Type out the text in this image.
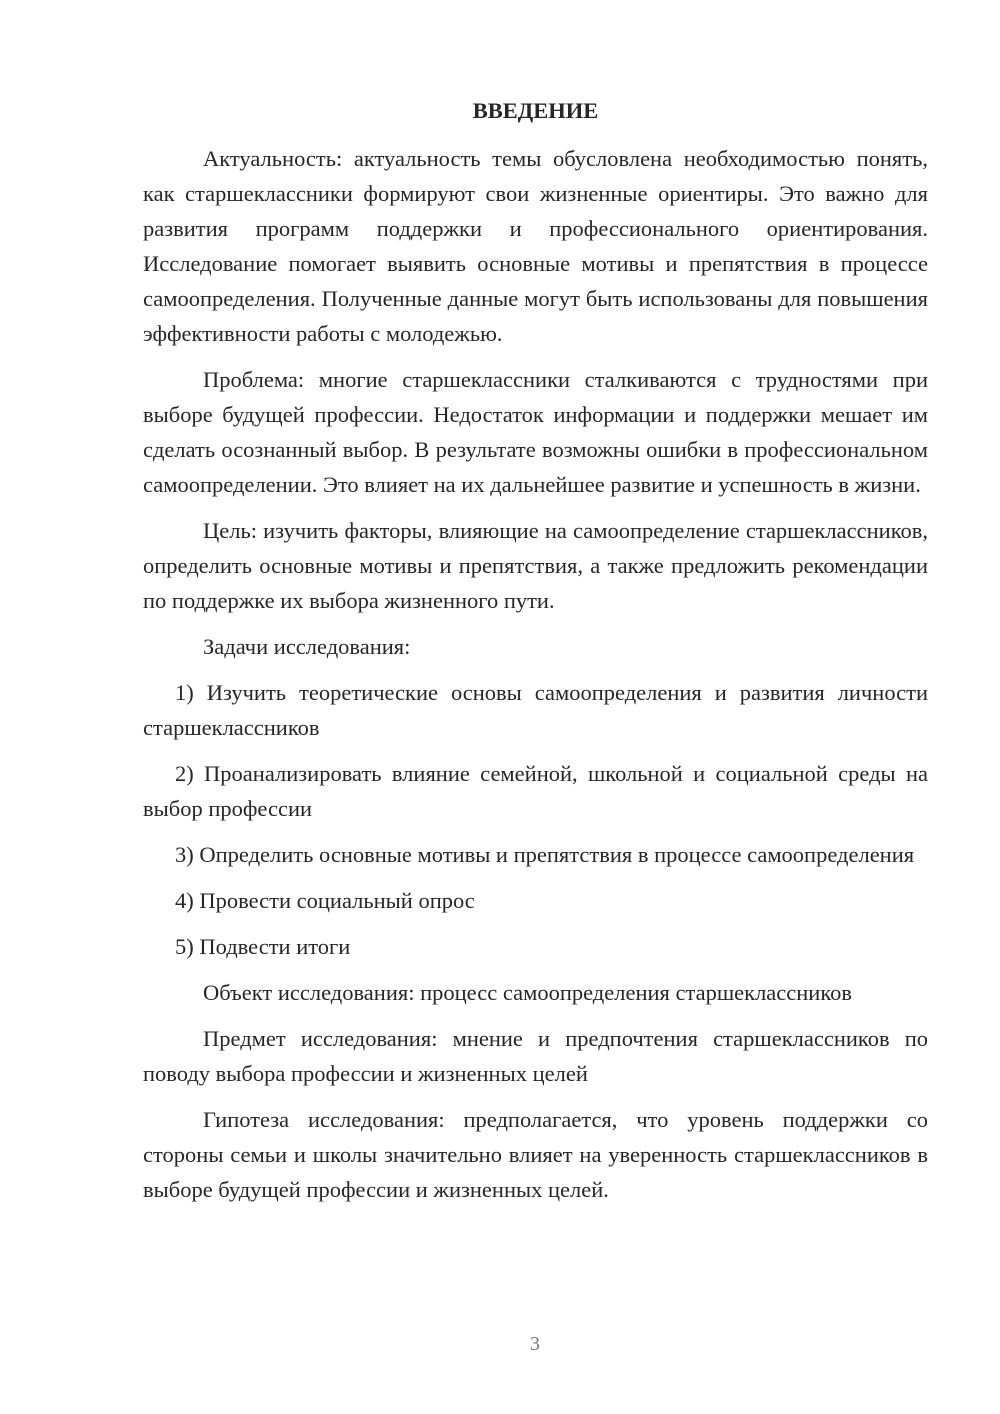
ВВЕДЕНИЕ

Актуальность: актуальность темы обусловлена необходимостью понять, как старшеклассники формируют свои жизненные ориентиры. Это важно для развития программ поддержки и профессионального ориентирования. Исследование помогает выявить основные мотивы и препятствия в процессе самоопределения. Полученные данные могут быть использованы для повышения эффективности работы с молодежью.

Проблема: многие старшеклассники сталкиваются с трудностями при выборе будущей профессии. Недостаток информации и поддержки мешает им сделать осознанный выбор. В результате возможны ошибки в профессиональном самоопределении. Это влияет на их дальнейшее развитие и успешность в жизни.

Цель: изучить факторы, влияющие на самоопределение старшеклассников, определить основные мотивы и препятствия, а также предложить рекомендации по поддержке их выбора жизненного пути.

Задачи исследования:

1) Изучить теоретические основы самоопределения и развития личности старшеклассников

2) Проанализировать влияние семейной, школьной и социальной среды на выбор профессии

3) Определить основные мотивы и препятствия в процессе самоопределения

4) Провести социальный опрос

5) Подвести итоги

Объект исследования: процесс самоопределения старшеклассников

Предмет исследования: мнение и предпочтения старшеклассников по поводу выбора профессии и жизненных целей

Гипотеза исследования: предполагается, что уровень поддержки со стороны семьи и школы значительно влияет на уверенность старшеклассников в выборе будущей профессии и жизненных целей.

3
